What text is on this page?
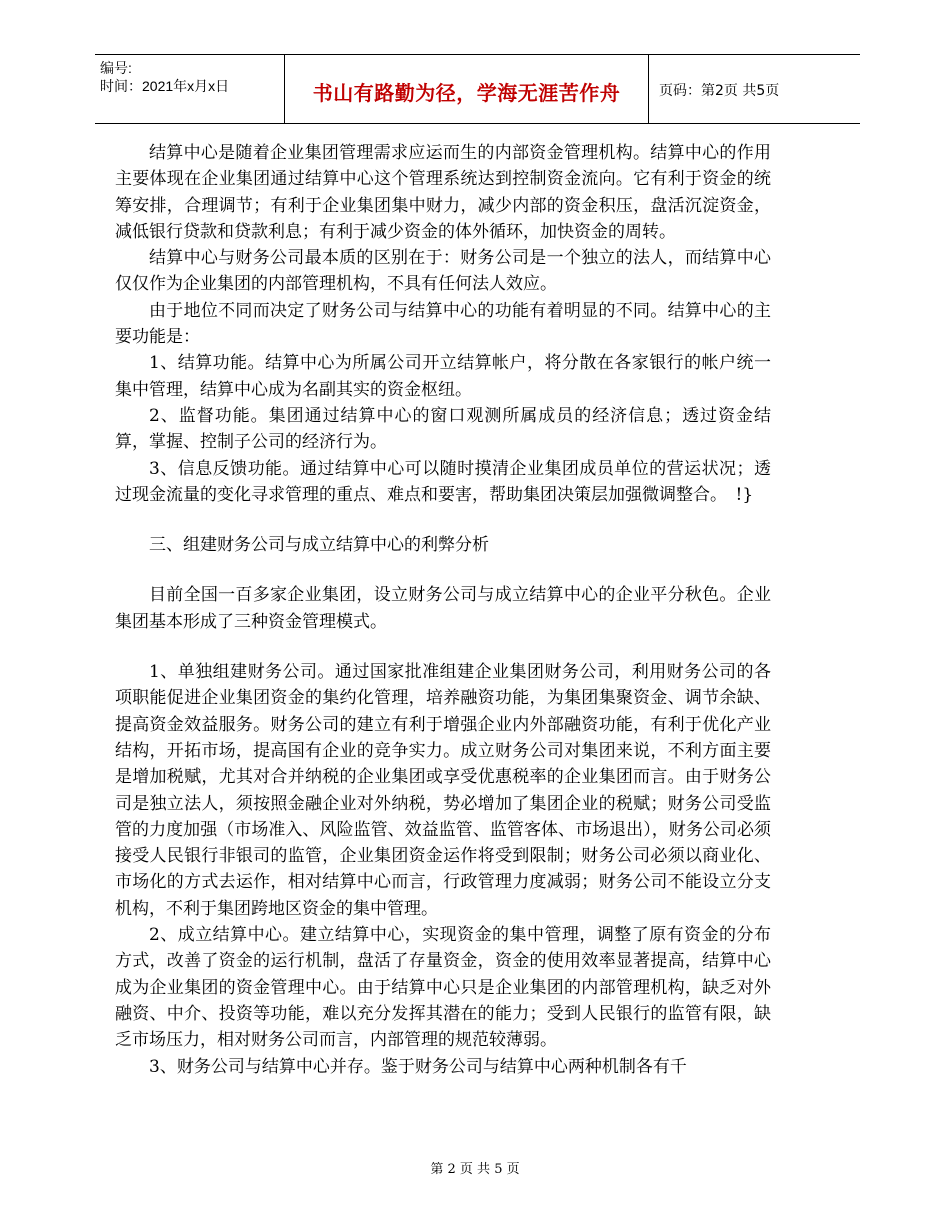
编号:
时间：2021年x月x日	书山有路勤为径，学海无涯苦作舟	页码：第2页 共5页

结算中心是随着企业集团管理需求应运而生的内部资金管理机构。结算中心的作用主要体现在企业集团通过结算中心这个管理系统达到控制资金流向。它有利于资金的统筹安排，合理调节；有利于企业集团集中财力，减少内部的资金积压，盘活沉淀资金，减低银行贷款和贷款利息；有利于减少资金的体外循环，加快资金的周转。

结算中心与财务公司最本质的区别在于：财务公司是一个独立的法人，而结算中心仅仅作为企业集团的内部管理机构，不具有任何法人效应。

由于地位不同而决定了财务公司与结算中心的功能有着明显的不同。结算中心的主要功能是：

1、结算功能。结算中心为所属公司开立结算帐户，将分散在各家银行的帐户统一集中管理，结算中心成为名副其实的资金枢纽。

2、监督功能。集团通过结算中心的窗口观测所属成员的经济信息；透过资金结算，掌握、控制子公司的经济行为。

3、信息反馈功能。通过结算中心可以随时摸清企业集团成员单位的营运状况；透过现金流量的变化寻求管理的重点、难点和要害，帮助集团决策层加强微调整合。　!}

三、组建财务公司与成立结算中心的利弊分析

目前全国一百多家企业集团，设立财务公司与成立结算中心的企业平分秋色。企业集团基本形成了三种资金管理模式。

1、单独组建财务公司。通过国家批准组建企业集团财务公司，利用财务公司的各项职能促进企业集团资金的集约化管理，培养融资功能，为集团集聚资金、调节余缺、提高资金效益服务。财务公司的建立有利于增强企业内外部融资功能，有利于优化产业结构，开拓市场，提高国有企业的竞争实力。成立财务公司对集团来说，不利方面主要是增加税赋，尤其对合并纳税的企业集团或享受优惠税率的企业集团而言。由于财务公司是独立法人，须按照金融企业对外纳税，势必增加了集团企业的税赋；财务公司受监管的力度加强（市场准入、风险监管、效益监管、监管客体、市场退出），财务公司必须接受人民银行非银司的监管，企业集团资金运作将受到限制；财务公司必须以商业化、市场化的方式去运作，相对结算中心而言，行政管理力度减弱；财务公司不能设立分支机构，不利于集团跨地区资金的集中管理。

2、成立结算中心。建立结算中心，实现资金的集中管理，调整了原有资金的分布方式，改善了资金的运行机制，盘活了存量资金，资金的使用效率显著提高，结算中心成为企业集团的资金管理中心。由于结算中心只是企业集团的内部管理机构，缺乏对外融资、中介、投资等功能，难以充分发挥其潜在的能力；受到人民银行的监管有限，缺乏市场压力，相对财务公司而言，内部管理的规范较薄弱。

3、财务公司与结算中心并存。鉴于财务公司与结算中心两种机制各有千

第 2 页 共 5 页
